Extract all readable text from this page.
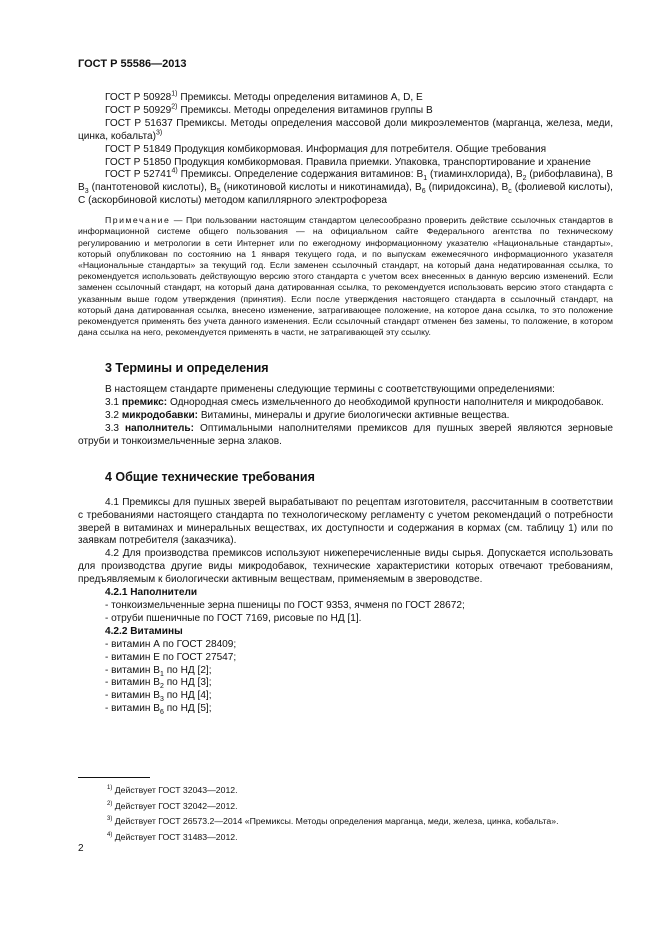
ГОСТ Р 55586—2013

ГОСТ Р 50928$^{1)}$ Премиксы. Методы определения витаминов А, D, Е

ГОСТ Р 50929$^{2)}$ Премиксы. Методы определения витаминов группы В

ГОСТ Р 51637 Премиксы. Методы определения массовой доли микроэлементов (марганца, железа, меди, цинка, кобальта)$^{3)}$

ГОСТ Р 51849 Продукция комбикормовая. Информация для потребителя. Общие требования

ГОСТ Р 51850 Продукция комбикормовая. Правила приемки. Упаковка, транспортирование и хранение

ГОСТ Р 52741$^{4)}$ Премиксы. Определение содержания витаминов: $В_1$ (тиаминхлорида), $В_2$ (рибофлавина), В $В_3$ (пантотеновой кислоты), $В_5$ (никотиновой кислоты и никотинамида), $В_6$ (пиридоксина), $В_c$ (фолиевой кислоты), С (аскорбиновой кислоты) методом капиллярного электрофореза

Примечание — При пользовании настоящим стандартом целесообразно проверить действие ссылочных стандартов в информационной системе общего пользования — на официальном сайте Федерального агентства по техническому регулированию и метрологии в сети Интернет или по ежегодному информационному указателю «Национальные стандарты», который опубликован по состоянию на 1 января текущего года, и по выпускам ежемесячного информационного указателя «Национальные стандарты» за текущий год. Если заменен ссылочный стандарт, на который дана недатированная ссылка, то рекомендуется использовать действующую версию этого стандарта с учетом всех внесенных в данную версию изменений. Если заменен ссылочный стандарт, на который дана датированная ссылка, то рекомендуется использовать версию этого стандарта с указанным выше годом утверждения (принятия). Если после утверждения настоящего стандарта в ссылочный стандарт, на который дана датированная ссылка, внесено изменение, затрагивающее положение, на которое дана ссылка, то это положение рекомендуется применять без учета данного изменения. Если ссылочный стандарт отменен без замены, то положение, в котором дана ссылка на него, рекомендуется применять в части, не затрагивающей эту ссылку.

3 Термины и определения

В настоящем стандарте применены следующие термины с соответствующими определениями:

3.1 премикс: Однородная смесь измельченного до необходимой крупности наполнителя и микродобавок.

3.2 микродобавки: Витамины, минералы и другие биологически активные вещества.

3.3 наполнитель: Оптимальными наполнителями премиксов для пушных зверей являются зерновые отруби и тонкоизмельченные зерна злаков.

4 Общие технические требования

4.1 Премиксы для пушных зверей вырабатывают по рецептам изготовителя, рассчитанным в соответствии с требованиями настоящего стандарта по технологическому регламенту с учетом рекомендаций о потребности зверей в витаминах и минеральных веществах, их доступности и содержания в кормах (см. таблицу 1) или по заявкам потребителя (заказчика).

4.2 Для производства премиксов используют нижеперечисленные виды сырья. Допускается использовать для производства другие виды микродобавок, технические характеристики которых отвечают требованиям, предъявляемым к биологически активным веществам, применяемым в звероводстве.

4.2.1 Наполнители
- тонкоизмельченные зерна пшеницы по ГОСТ 9353, ячменя по ГОСТ 28672;
- отруби пшеничные по ГОСТ 7169, рисовые по НД [1].
4.2.2 Витамины
- витамин А по ГОСТ 28409;
- витамин Е по ГОСТ 27547;
- витамин $В_1$ по НД [2];
- витамин $В_2$ по НД [3];
- витамин $В_3$ по НД [4];
- витамин $В_6$ по НД [5];
$^{1)}$ Действует ГОСТ 32043—2012.
$^{2)}$ Действует ГОСТ 32042—2012.
$^{3)}$ Действует ГОСТ 26573.2—2014 «Премиксы. Методы определения марганца, меди, железа, цинка, кобальта».
$^{4)}$ Действует ГОСТ 31483—2012.
2
